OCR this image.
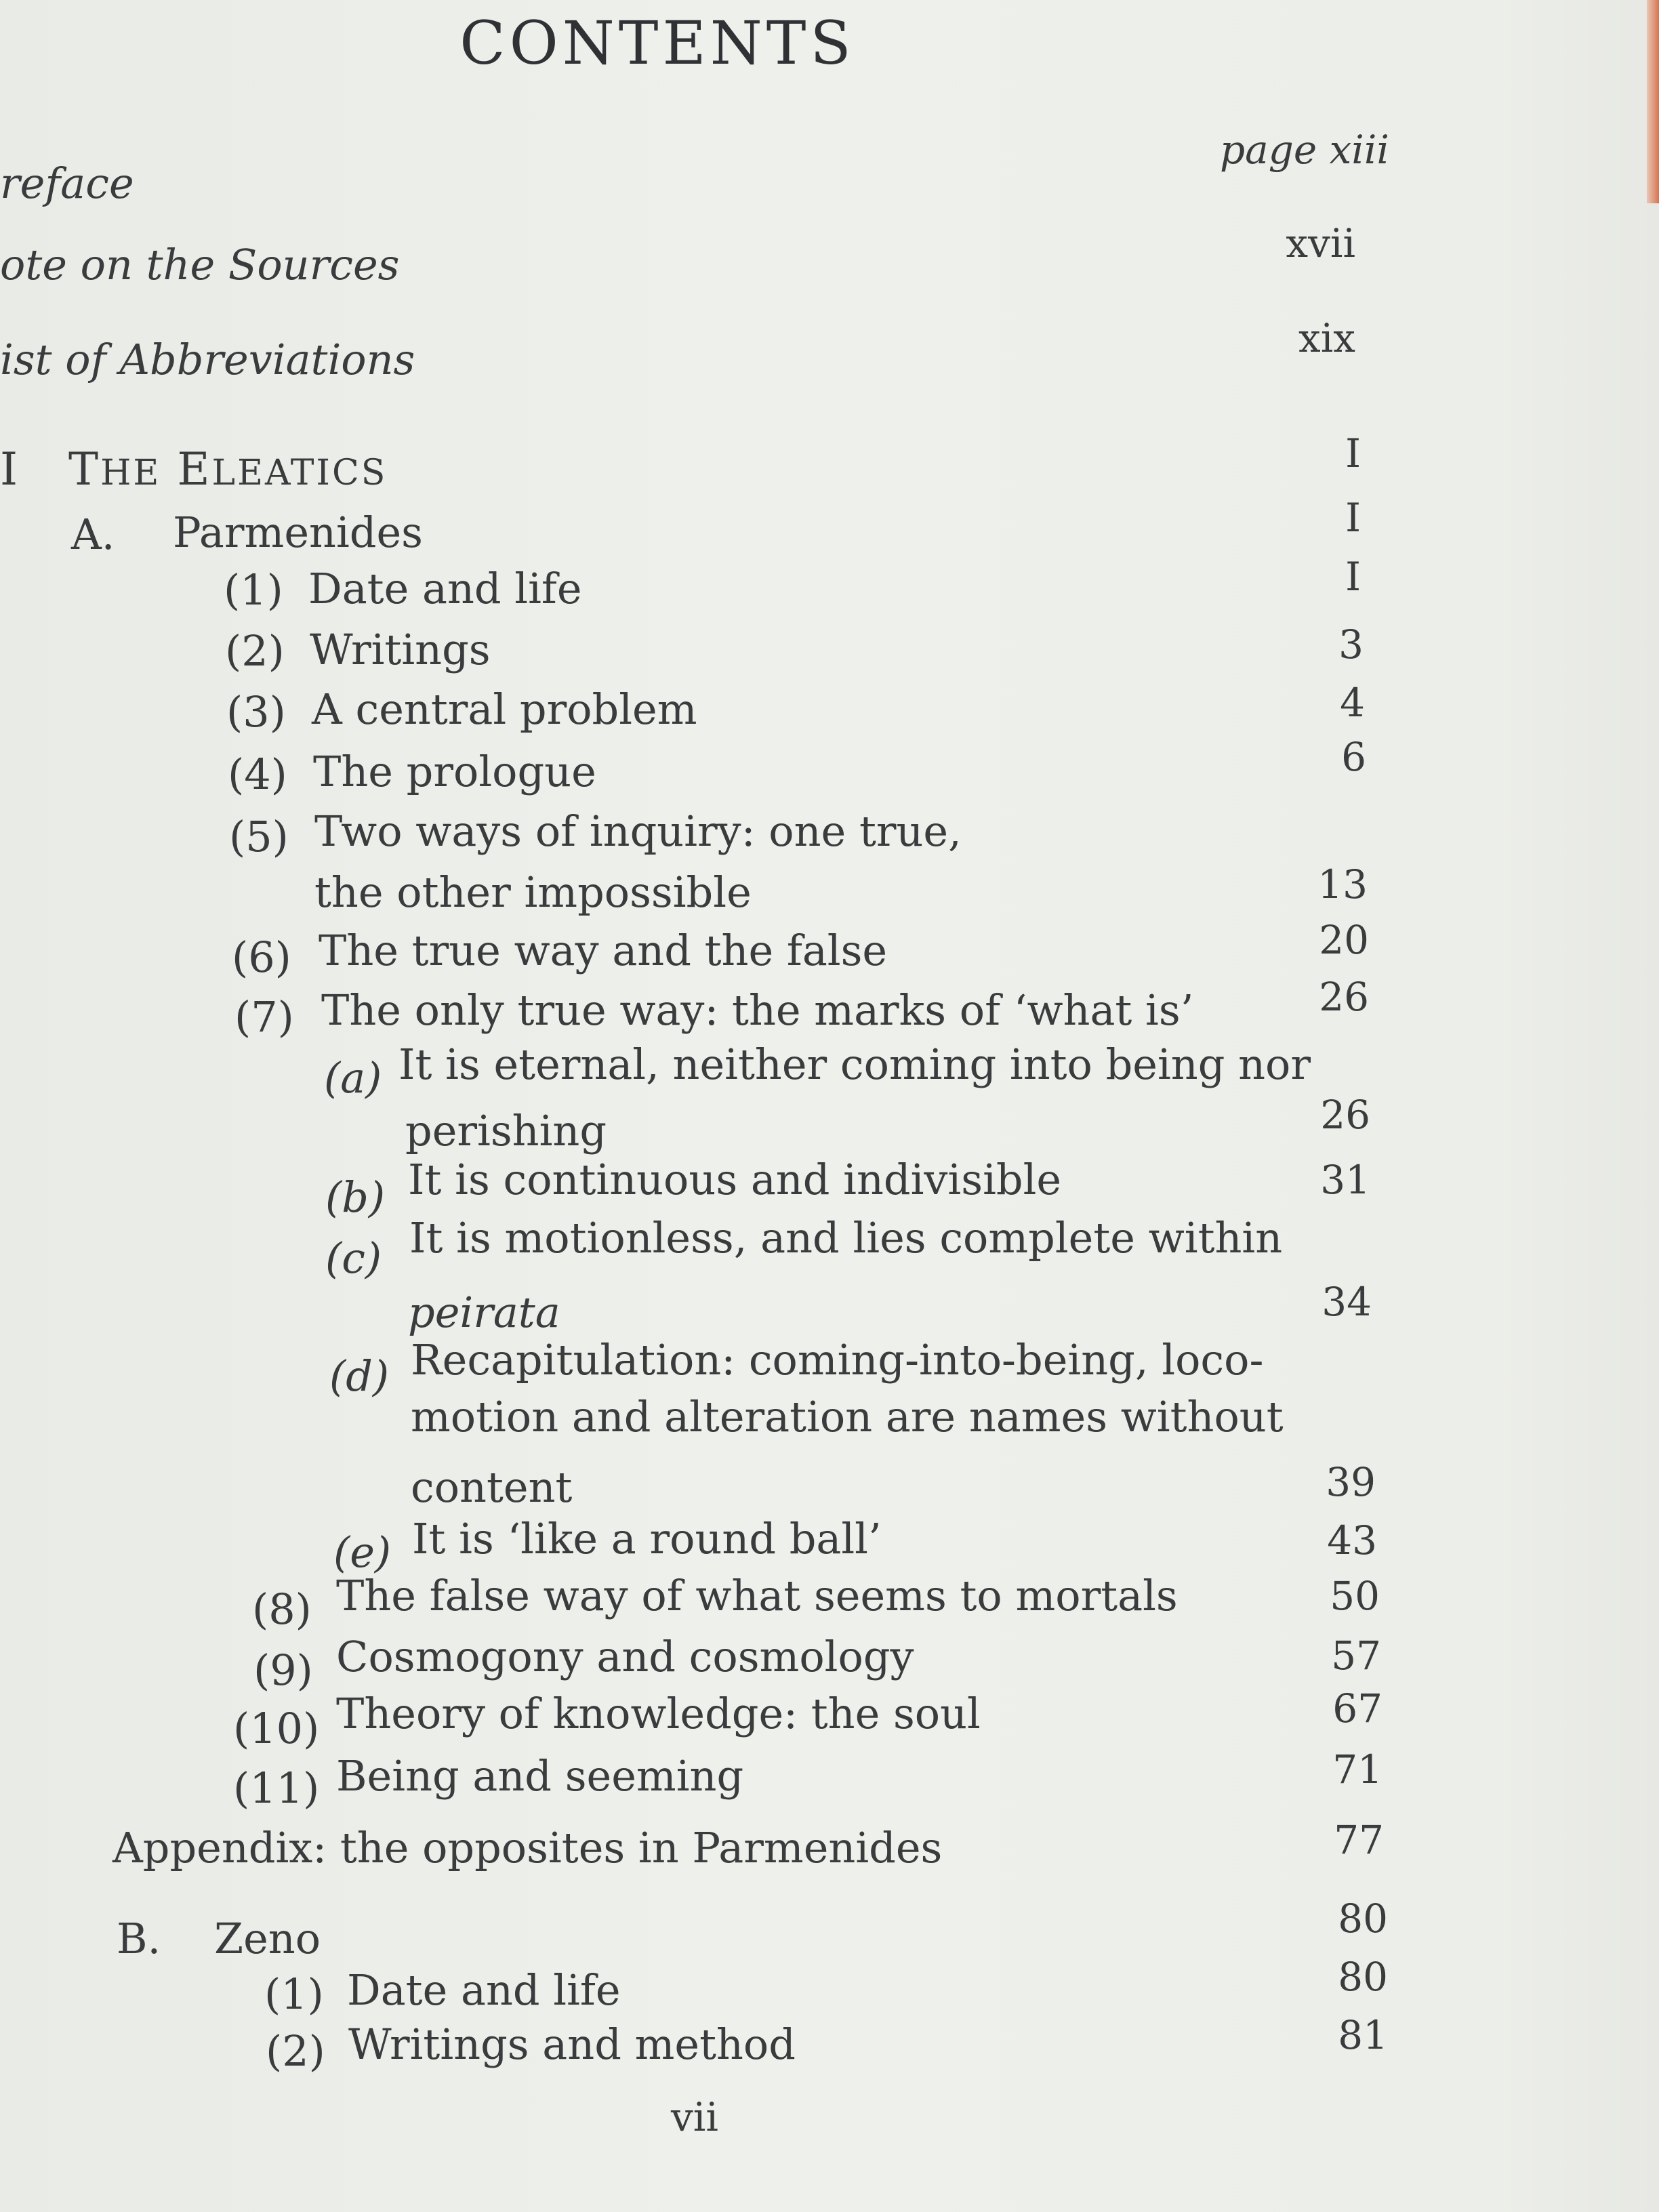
CONTENTS
reface
page xiii
ote on the Sources	xvii
ist of Abbreviations	xix
I THE ELEATICS	I
A. Parmenides	I
(1) Date and life	I
(2) Writings	3
(3) A central problem	4
(4) The prologue	6
(5) Two ways of inquiry: one true,
the other impossible	13
(6) The true way and the false	20
(7) The only true way: the marks of ‘what is’	26
(a) It is eternal, neither coming into being nor
perishing	26
(b) It is continuous and indivisible	31
(c) It is motionless, and lies complete within
peirata	34
(d) Recapitulation: coming-into-being, loco-
motion and alteration are names without
content	39
(e) It is ‘like a round ball’	43
(8) The false way of what seems to mortals	50
(9) Cosmogony and cosmology	57
(10) Theory of knowledge: the soul	67
(11) Being and seeming	71
Appendix: the opposites in Parmenides	77
B. Zeno	80
(1) Date and life	80
(2) Writings and method	81
vii
